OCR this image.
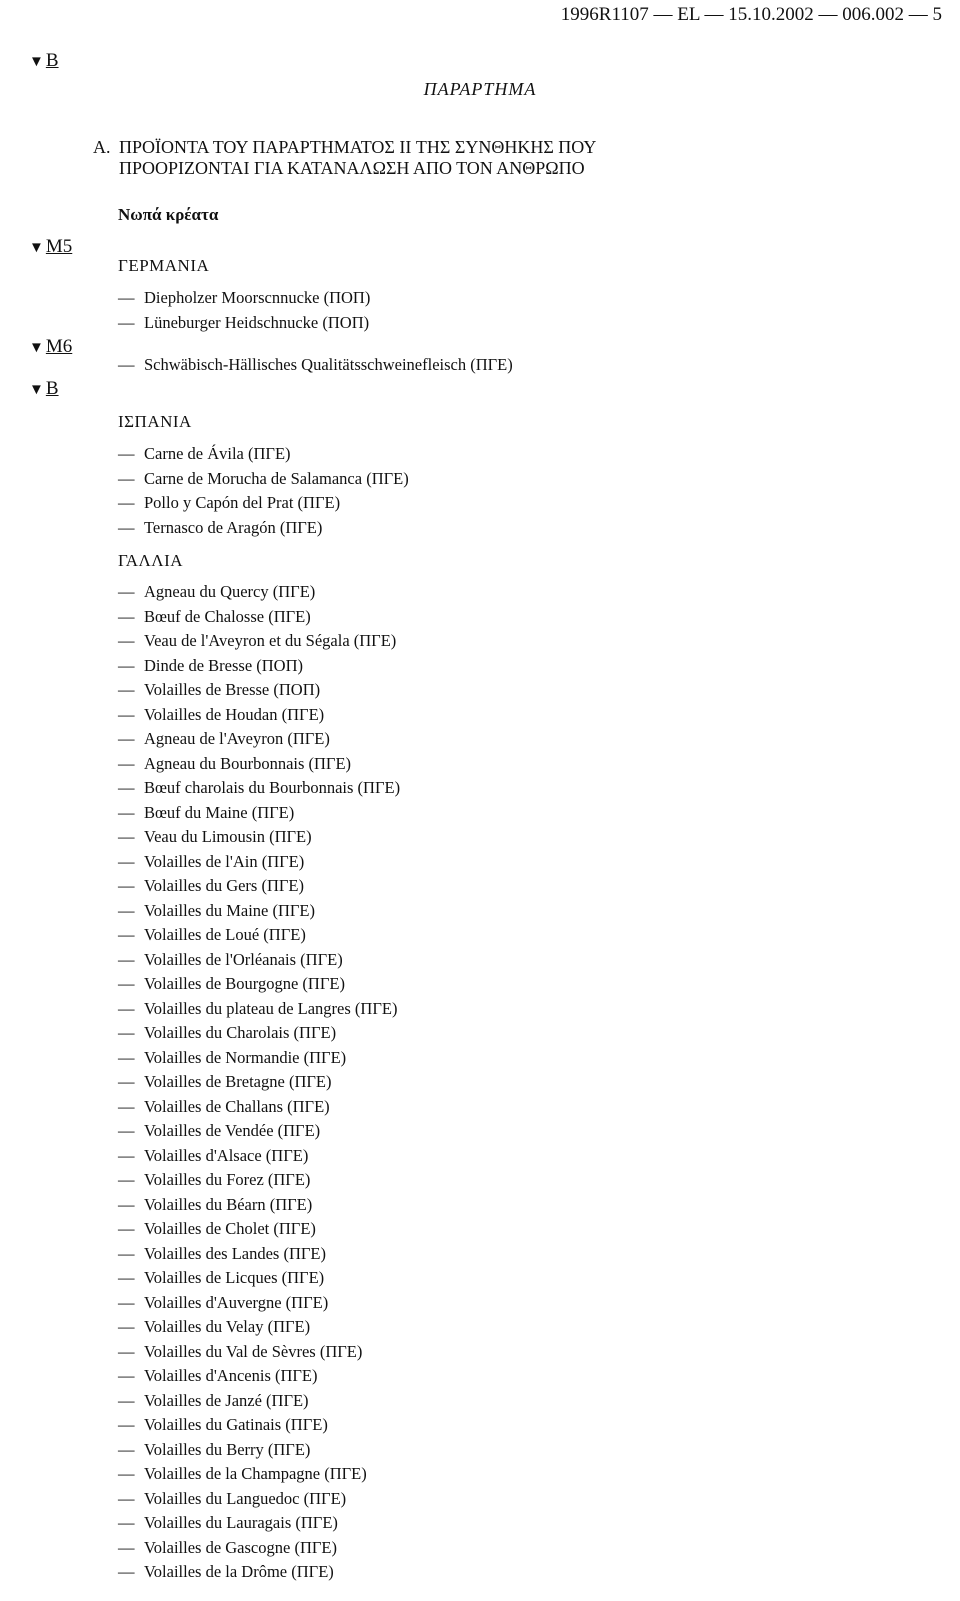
1996R1107 — EL — 15.10.2002 — 006.002 — 5
▼ B
▼ M5
▼ M6
▼ B
ΠΑΡΑΡΤΗΜΑ
Α. ΠΡΟΪΟΝΤΑ ΤΟΥ ΠΑΡΑΡΤΗΜΑΤΟΣ II ΤΗΣ ΣΥΝΘΗΚΗΣ ΠΟΥ
ΠΡΟΟΡΙΖΟΝΤΑΙ ΓΙΑ ΚΑΤΑΝΑΛΩΣΗ ΑΠΟ ΤΟΝ ΑΝΘΡΩΠΟ
Νωπά κρέατα
ΓΕΡΜΑΝΙΑ
— Diepholzer Moorscnnucke (ΠΟΠ)
— Lüneburger Heidschnucke (ΠΟΠ)
— Schwäbisch-Hällisches Qualitätsschweinefleisch (ΠΓΕ)
ΙΣΠΑΝΙΑ
— Carne de Ávila (ΠΓΕ)
— Carne de Morucha de Salamanca (ΠΓΕ)
— Pollo y Capón del Prat (ΠΓΕ)
— Ternasco de Aragón (ΠΓΕ)
ΓΑΛΛΙΑ
— Agneau du Quercy (ΠΓΕ)
— Bœuf de Chalosse (ΠΓΕ)
— Veau de l'Aveyron et du Ségala (ΠΓΕ)
— Dinde de Bresse (ΠΟΠ)
— Volailles de Bresse (ΠΟΠ)
— Volailles de Houdan (ΠΓΕ)
— Agneau de l'Aveyron (ΠΓΕ)
— Agneau du Bourbonnais (ΠΓΕ)
— Bœuf charolais du Bourbonnais (ΠΓΕ)
— Bœuf du Maine (ΠΓΕ)
— Veau du Limousin (ΠΓΕ)
— Volailles de l'Ain (ΠΓΕ)
— Volailles du Gers (ΠΓΕ)
— Volailles du Maine (ΠΓΕ)
— Volailles de Loué (ΠΓΕ)
— Volailles de l'Orléanais (ΠΓΕ)
— Volailles de Bourgogne (ΠΓΕ)
— Volailles du plateau de Langres (ΠΓΕ)
— Volailles du Charolais (ΠΓΕ)
— Volailles de Normandie (ΠΓΕ)
— Volailles de Bretagne (ΠΓΕ)
— Volailles de Challans (ΠΓΕ)
— Volailles de Vendée (ΠΓΕ)
— Volailles d'Alsace (ΠΓΕ)
— Volailles du Forez (ΠΓΕ)
— Volailles du Béarn (ΠΓΕ)
— Volailles de Cholet (ΠΓΕ)
— Volailles des Landes (ΠΓΕ)
— Volailles de Licques (ΠΓΕ)
— Volailles d'Auvergne (ΠΓΕ)
— Volailles du Velay (ΠΓΕ)
— Volailles du Val de Sèvres (ΠΓΕ)
— Volailles d'Ancenis (ΠΓΕ)
— Volailles de Janzé (ΠΓΕ)
— Volailles du Gatinais (ΠΓΕ)
— Volailles du Berry (ΠΓΕ)
— Volailles de la Champagne (ΠΓΕ)
— Volailles du Languedoc (ΠΓΕ)
— Volailles du Lauragais (ΠΓΕ)
— Volailles de Gascogne (ΠΓΕ)
— Volailles de la Drôme (ΠΓΕ)
